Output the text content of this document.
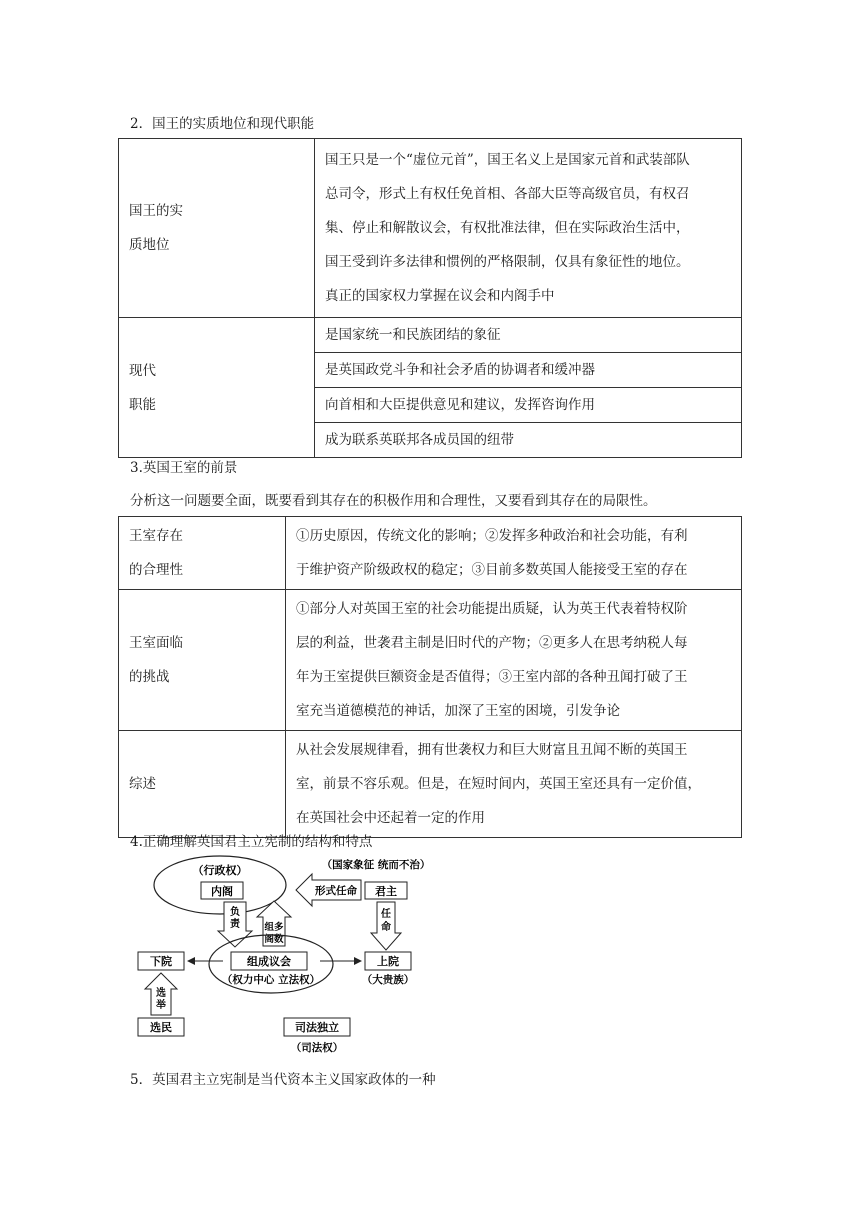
2．国王的实质地位和现代职能
国王的实
质地位	国王只是一个“虚位元首”，国王名义上是国家元首和武装部队
总司令，形式上有权任免首相、各部大臣等高级官员，有权召
集、停止和解散议会，有权批准法律，但在实际政治生活中，
国王受到许多法律和惯例的严格限制，仅具有象征性的地位。
真正的国家权力掌握在议会和内阁手中

现代
职能	是国家统一和民族团结的象征
	是英国政党斗争和社会矛盾的协调者和缓冲器
	向首相和大臣提供意见和建议，发挥咨询作用
	成为联系英联邦各成员国的纽带
3.英国王室的前景
分析这一问题要全面，既要看到其存在的积极作用和合理性，又要看到其存在的局限性。
王室存在
的合理性	①历史原因，传统文化的影响；②发挥多种政治和社会功能，有利
于维护资产阶级政权的稳定；③目前多数英国人能接受王室的存在

王室面临
的挑战	①部分人对英国王室的社会功能提出质疑，认为英王代表着特权阶
层的利益，世袭君主制是旧时代的产物；②更多人在思考纳税人每
年为王室提供巨额资金是否值得；③王室内部的各种丑闻打破了王
室充当道德模范的神话，加深了王室的困境，引发争论

综述	从社会发展规律看，拥有世袭权力和巨大财富且丑闻不断的英国王
室，前景不容乐观。但是，在短时间内，英国王室还具有一定价值，
在英国社会中还起着一定的作用
4.正确理解英国君主立宪制的结构和特点
（行政权）
内阁
（国家象征 统而不治）
君主
形式任命
负
责	组多
阁数
任
命
组成议会
（权力中心 立法权）
下院	上院
（大贵族）
选
举
选民	司法独立
（司法权）
5．英国君主立宪制是当代资本主义国家政体的一种
